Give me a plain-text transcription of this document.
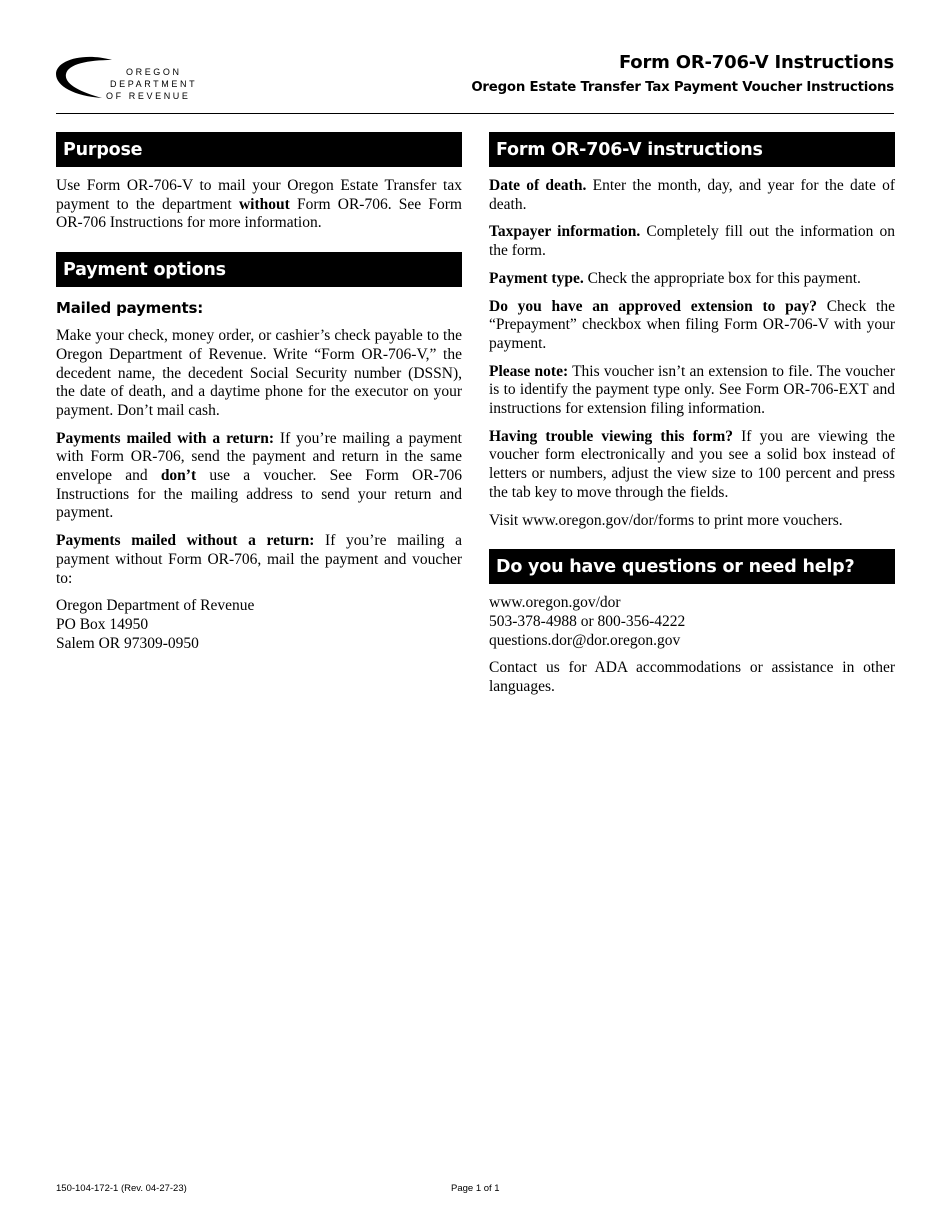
OREGON
DEPARTMENT
OF REVENUE
Form OR-706-V Instructions
Oregon Estate Transfer Tax Payment Voucher Instructions
Purpose

Use Form OR-706-V to mail your Oregon Estate Transfer tax payment to the department without Form OR-706. See Form OR-706 Instructions for more information.

Payment options
Mailed payments:

Make your check, money order, or cashier’s check payable to the Oregon Department of Revenue. Write “Form OR-706-V,” the decedent name, the decedent Social Security number (DSSN), the date of death, and a daytime phone for the executor on your payment. Don’t mail cash.

Payments mailed with a return: If you’re mailing a payment with Form OR-706, send the payment and return in the same envelope and don’t use a voucher. See Form OR-706 Instructions for the mailing address to send your return and payment.

Payments mailed without a return: If you’re mailing a payment without Form OR-706, mail the payment and voucher to:

Oregon Department of Revenue
PO Box 14950
Salem OR 97309-0950
Form OR-706-V instructions

Date of death. Enter the month, day, and year for the date of death.

Taxpayer information. Completely fill out the information on the form.

Payment type. Check the appropriate box for this payment.

Do you have an approved extension to pay? Check the “Prepayment” checkbox when filing Form OR-706-V with your payment.

Please note: This voucher isn’t an extension to file. The voucher is to identify the payment type only. See Form OR-706-EXT and instructions for extension filing information.

Having trouble viewing this form? If you are viewing the voucher form electronically and you see a solid box instead of letters or numbers, adjust the view size to 100 percent and press the tab key to move through the fields.

Visit www.oregon.gov/dor/forms to print more vouchers.

Do you have questions or need help?
www.oregon.gov/dor
503-378-4988 or 800-356-4222
questions.dor@dor.oregon.gov

Contact us for ADA accommodations or assistance in other languages.

150-104-172-1 (Rev. 04-27-23)	Page 1 of 1
